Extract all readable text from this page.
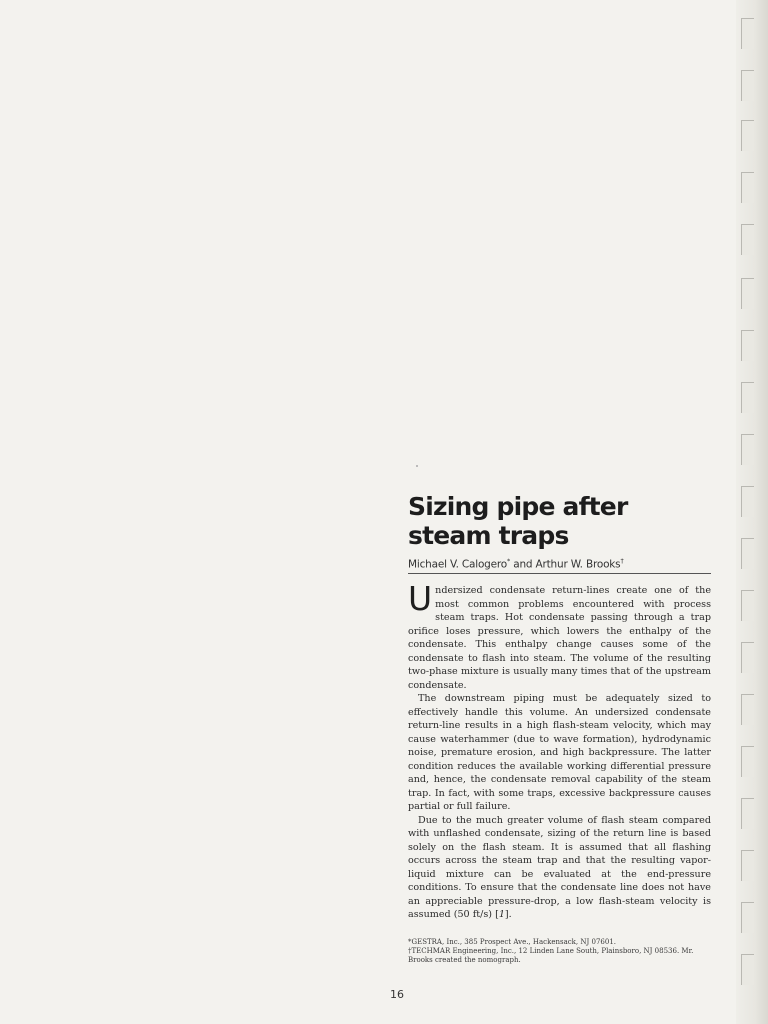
Sizing pipe after
steam traps
Michael V. Calogero* and Arthur W. Brooks†

Undersized condensate return-lines create one of the most common problems encountered with process steam traps. Hot condensate passing through a trap orifice loses pressure, which lowers the enthalpy of the condensate. This enthalpy change causes some of the condensate to flash into steam. The volume of the resulting two-phase mixture is usually many times that of the upstream condensate.

The downstream piping must be adequately sized to effectively handle this volume. An undersized condensate return-line results in a high flash-steam velocity, which may cause waterhammer (due to wave formation), hydrodynamic noise, premature erosion, and high backpressure. The latter condition reduces the available working differential pressure and, hence, the condensate removal capability of the steam trap. In fact, with some traps, excessive backpressure causes partial or full failure.

Due to the much greater volume of flash steam compared with unflashed condensate, sizing of the return line is based solely on the flash steam. It is assumed that all flashing occurs across the steam trap and that the resulting vapor-liquid mixture can be evaluated at the end-pressure conditions. To ensure that the condensate line does not have an appreciable pressure-drop, a low flash-steam velocity is assumed (50 ft/s) [1].

*GESTRA, Inc., 385 Prospect Ave., Hackensack, NJ 07601.
†TECHMAR Engineering, Inc., 12 Linden Lane South, Plainsboro, NJ 08536. Mr. Brooks created the nomograph.
16
